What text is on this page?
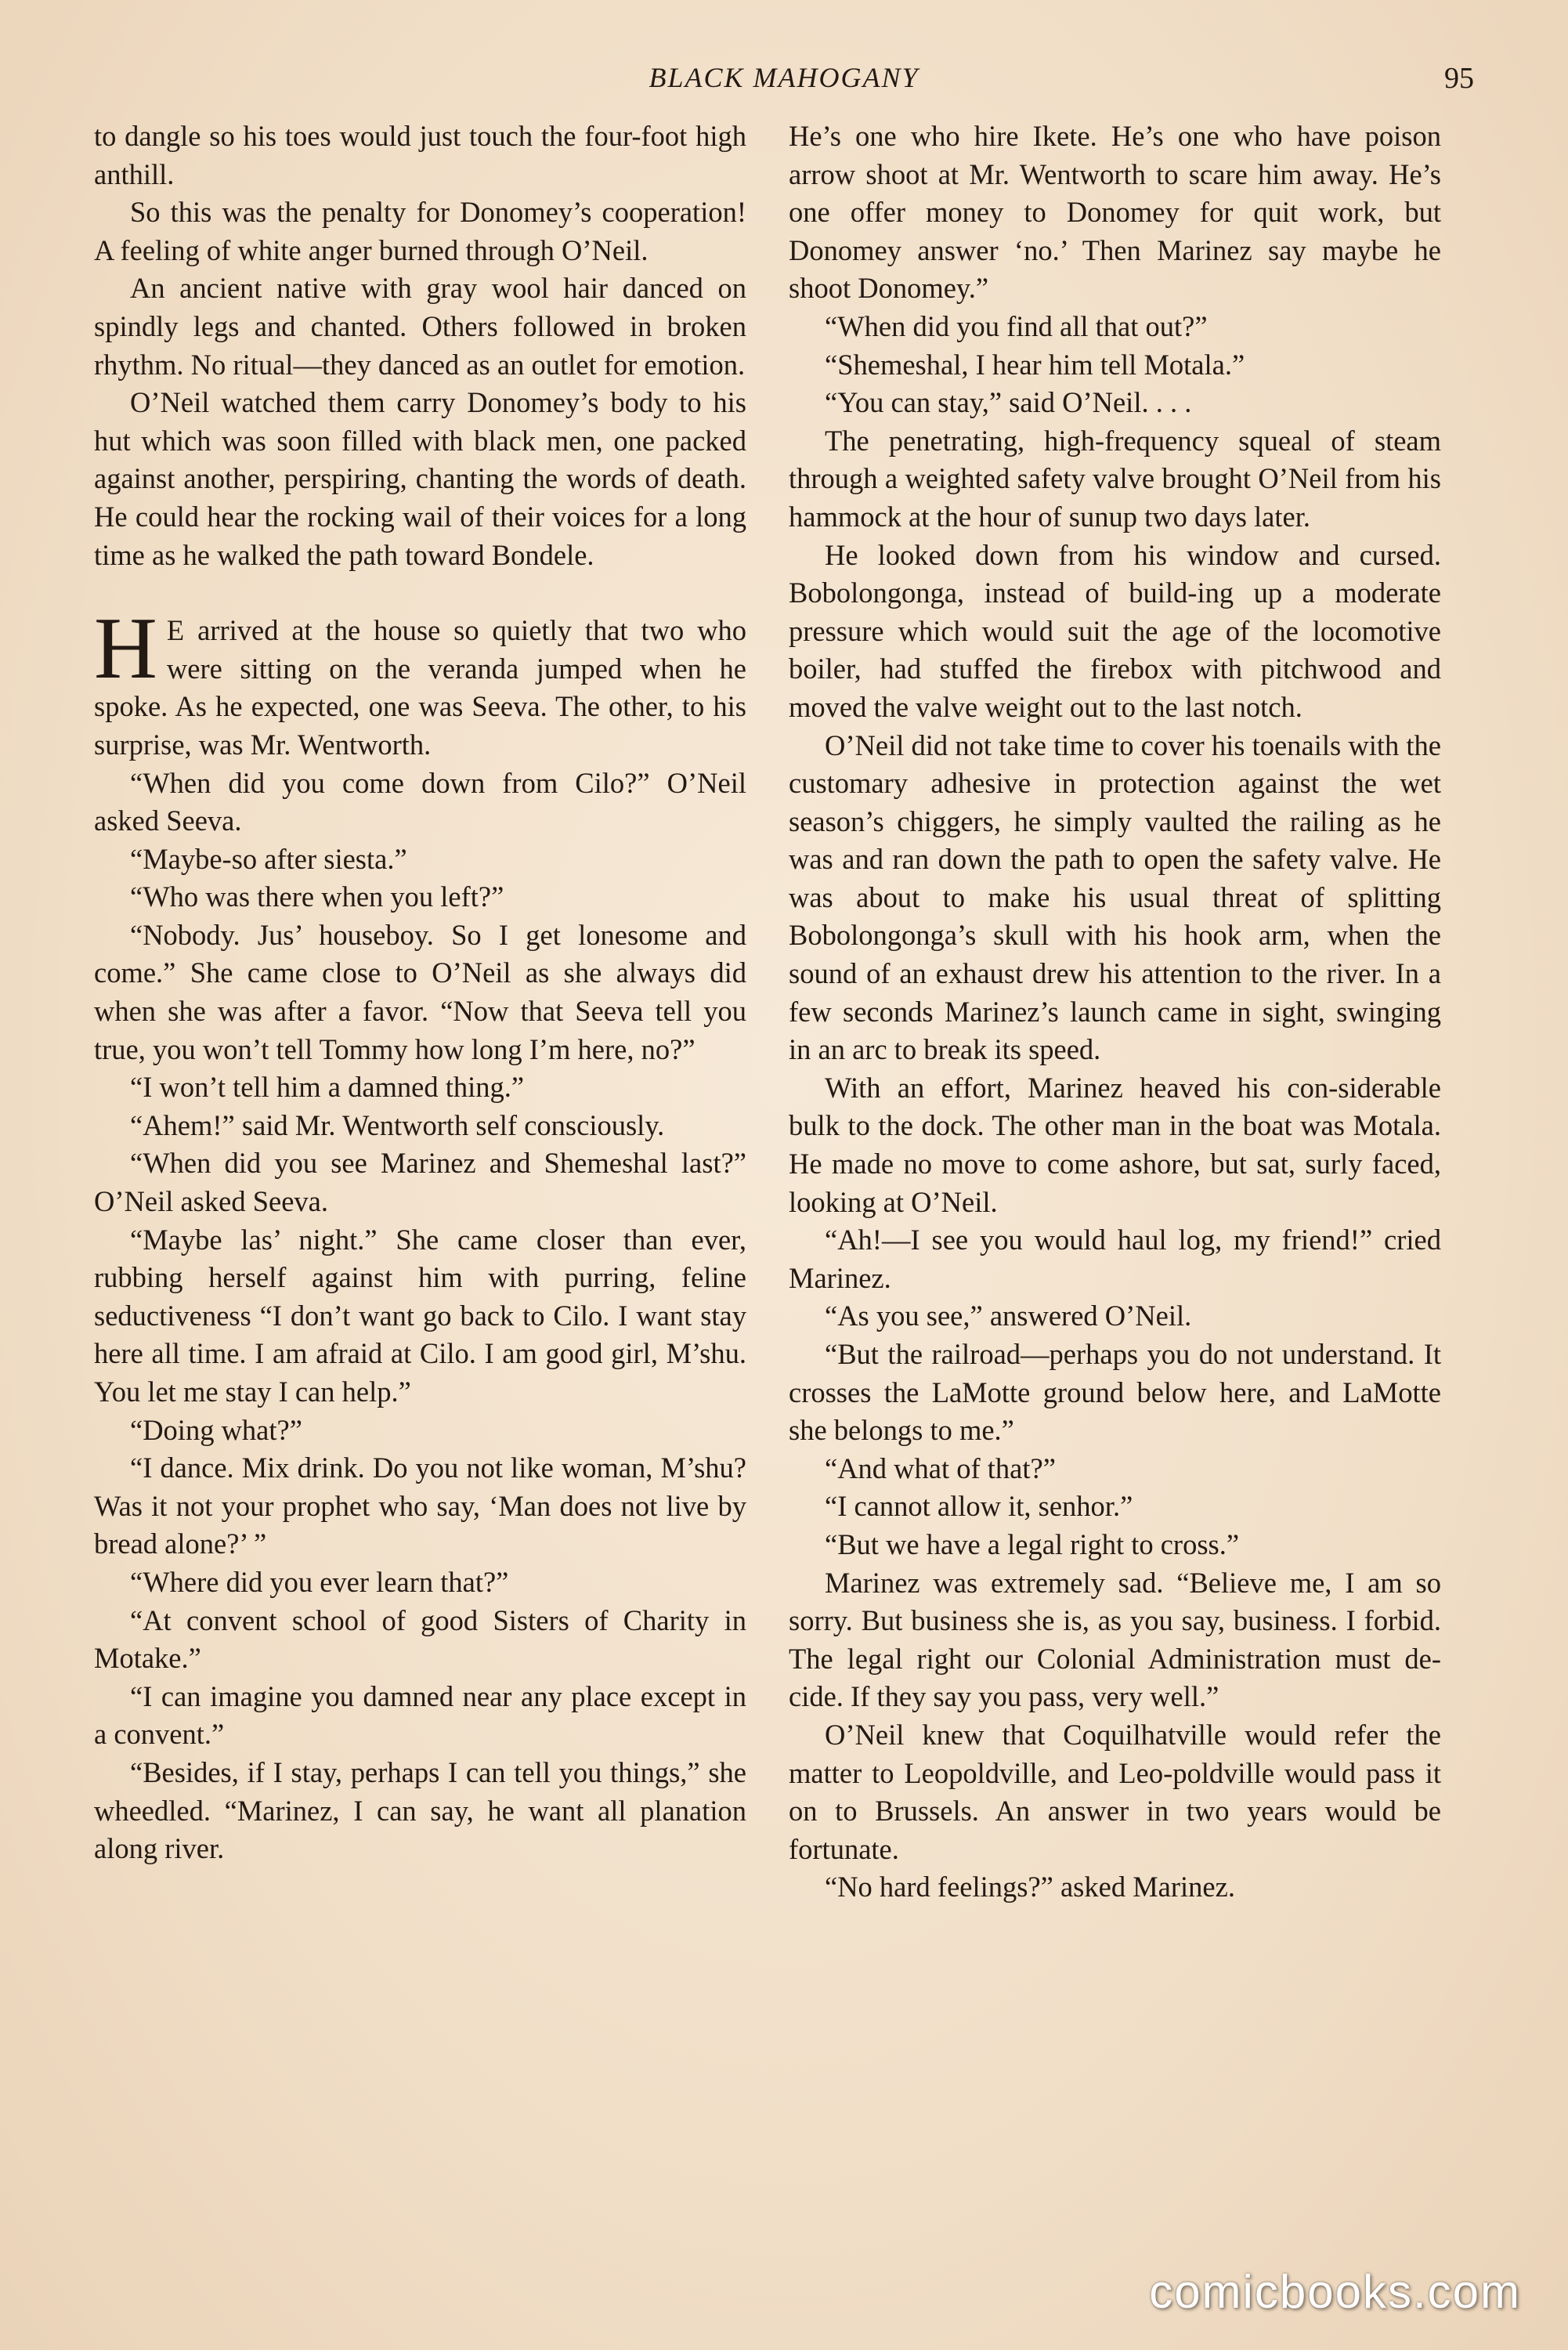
BLACK MAHOGANY	95

to dangle so his toes would just touch the four-foot high anthill.

So this was the penalty for Donomey’s cooperation! A feeling of white anger burned through O’Neil.

An ancient native with gray wool hair danced on spindly legs and chanted. Others followed in broken rhythm. No ritual—they danced as an outlet for emotion.

O’Neil watched them carry Donomey’s body to his hut which was soon filled with black men, one packed against another, perspiring, chanting the words of death. He could hear the rocking wail of their voices for a long time as he walked the path toward Bondele.

H E arrived at the house so quietly that two who were sitting on the veranda jumped when he spoke. As he expected, one was Seeva. The other, to his surprise, was Mr. Wentworth.

“When did you come down from Cilo?” O’Neil asked Seeva.

“Maybe-so after siesta.”

“Who was there when you left?”

“Nobody. Jus’ houseboy. So I get lonesome and come.” She came close to O’Neil as she always did when she was after a favor. “Now that Seeva tell you true, you won’t tell Tommy how long I’m here, no?”

“I won’t tell him a damned thing.”

“Ahem!” said Mr. Wentworth self consciously.

“When did you see Marinez and Shemeshal last?” O’Neil asked Seeva.

“Maybe las’ night.” She came closer than ever, rubbing herself against him with purring, feline seductiveness “I don’t want go back to Cilo. I want stay here all time. I am afraid at Cilo. I am good girl, M’shu. You let me stay I can help.”

“Doing what?”

“I dance. Mix drink. Do you not like woman, M’shu? Was it not your prophet who say, ‘Man does not live by bread alone?’ ”

“Where did you ever learn that?”

“At convent school of good Sisters of Charity in Motake.”

“I can imagine you damned near any place except in a convent.”

“Besides, if I stay, perhaps I can tell you things,” she wheedled. “Marinez, I can say, he want all planation along river.

He’s one who hire Ikete. He’s one who have poison arrow shoot at Mr. Wentworth to scare him away. He’s one offer money to Donomey for quit work, but Donomey answer ‘no.’ Then Marinez say maybe he shoot Donomey.”

“When did you find all that out?”

“Shemeshal, I hear him tell Motala.”

“You can stay,” said O’Neil. . . .

The penetrating, high-frequency squeal of steam through a weighted safety valve brought O’Neil from his hammock at the hour of sunup two days later.

He looked down from his window and cursed. Bobolongonga, instead of build-ing up a moderate pressure which would suit the age of the locomotive boiler, had stuffed the firebox with pitchwood and moved the valve weight out to the last notch.

O’Neil did not take time to cover his toenails with the customary adhesive in protection against the wet season’s chiggers, he simply vaulted the railing as he was and ran down the path to open the safety valve. He was about to make his usual threat of splitting Bobolongonga’s skull with his hook arm, when the sound of an exhaust drew his attention to the river. In a few seconds Marinez’s launch came in sight, swinging in an arc to break its speed.

With an effort, Marinez heaved his con-siderable bulk to the dock. The other man in the boat was Motala. He made no move to come ashore, but sat, surly faced, looking at O’Neil.

“Ah!—I see you would haul log, my friend!” cried Marinez.

“As you see,” answered O’Neil.

“But the railroad—perhaps you do not understand. It crosses the LaMotte ground below here, and LaMotte she belongs to me.”

“And what of that?”

“I cannot allow it, senhor.”

“But we have a legal right to cross.”

Marinez was extremely sad. “Believe me, I am so sorry. But business she is, as you say, business. I forbid. The legal right our Colonial Administration must de-cide. If they say you pass, very well.”

O’Neil knew that Coquilhatville would refer the matter to Leopoldville, and Leo-poldville would pass it on to Brussels. An answer in two years would be fortunate.

“No hard feelings?” asked Marinez.

comicbooks.com
